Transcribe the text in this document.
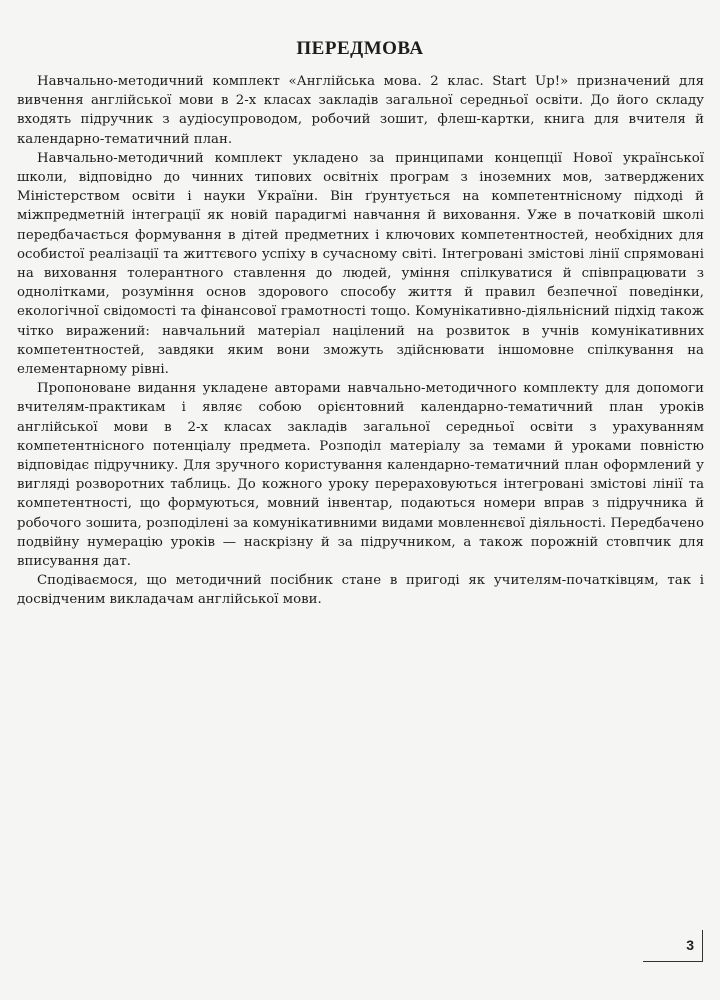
ПЕРЕДМОВА

Навчально-методичний комплект «Англійська мова. 2 клас. Start Up!» призначений для вивчення англійської мови в 2-х класах закладів загальної середньої освіти. До його складу входять підручник з аудіосупроводом, робочий зошит, флеш-картки, книга для вчителя й календарно-тематичний план.

Навчально-методичний комплект укладено за принципами концепції Нової української школи, відповідно до чинних типових освітніх програм з іноземних мов, затверджених Міністерством освіти і науки України. Він ґрунтується на компетентнісному підході й міжпредметній інтеграції як новій парадигмі навчання й виховання. Уже в початковій школі передбачається формування в дітей предметних і ключових компетентностей, необхідних для особистої реалізації та життєвого успіху в сучасному світі. Інтегровані змістові лінії спрямовані на виховання толерантного ставлення до людей, уміння спілкуватися й співпрацювати з однолітками, розуміння основ здорового способу життя й правил безпечної поведінки, екологічної свідомості та фінансової грамотності тощо. Комунікативно-діяльнісний підхід також чітко виражений: навчальний матеріал націлений на розвиток в учнів комунікативних компетентностей, завдяки яким вони зможуть здійснювати іншомовне спілкування на елементарному рівні.

Пропоноване видання укладене авторами навчально-методичного комплекту для допомоги вчителям-практикам і являє собою орієнтовний календарно-тематичний план уроків англійської мови в 2-х класах закладів загальної середньої освіти з урахуванням компетентнісного потенціалу предмета. Розподіл матеріалу за темами й уроками повністю відповідає підручнику. Для зручного користування календарно-тематичний план оформлений у вигляді розворотних таблиць. До кожного уроку перераховуються інтегровані змістові лінії та компетентності, що формуються, мовний інвентар, подаються номери вправ з підручника й робочого зошита, розподілені за комунікативними видами мовленнєвої діяльності. Передбачено подвійну нумерацію уроків — наскрізну й за підручником, а також порожній стовпчик для вписування дат.

Сподіваємося, що методичний посібник стане в пригоді як учителям-початківцям, так і досвідченим викладачам англійської мови.

3
